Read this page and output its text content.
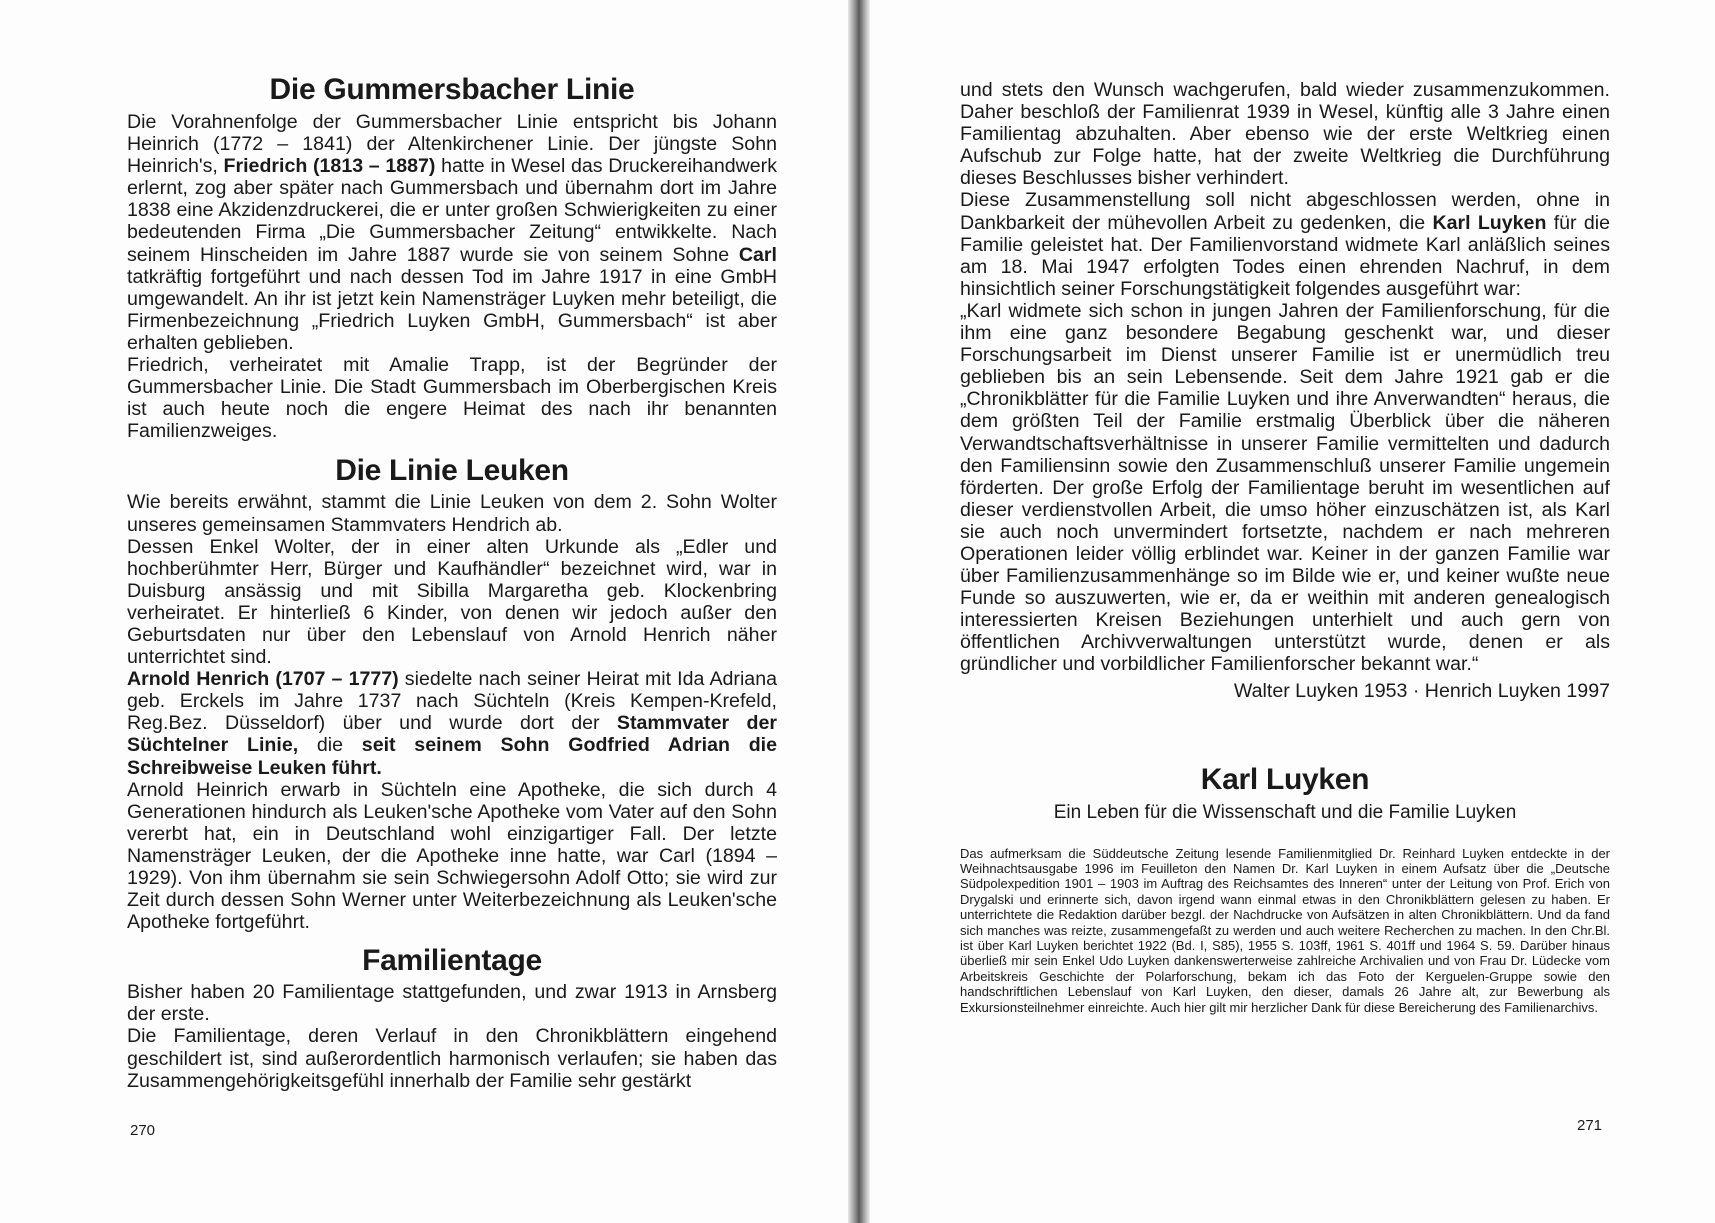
Die Gummersbacher Linie

Die Vorahnenfolge der Gummersbacher Linie entspricht bis Johann Heinrich (1772 – 1841) der Altenkirchener Linie. Der jüngste Sohn Heinrich's, Friedrich (1813 – 1887) hatte in Wesel das Druckereihandwerk erlernt, zog aber später nach Gummersbach und übernahm dort im Jahre 1838 eine Akzidenzdruckerei, die er unter großen Schwierigkeiten zu einer bedeutenden Firma „Die Gummersbacher Zeitung“ entwikkelte. Nach seinem Hinscheiden im Jahre 1887 wurde sie von seinem Sohne Carl tatkräftig fortgeführt und nach dessen Tod im Jahre 1917 in eine GmbH umgewandelt. An ihr ist jetzt kein Namensträger Luyken mehr beteiligt, die Firmenbezeichnung „Friedrich Luyken GmbH, Gummersbach“ ist aber erhalten geblieben.

Friedrich, verheiratet mit Amalie Trapp, ist der Begründer der Gummersbacher Linie. Die Stadt Gummersbach im Oberbergischen Kreis ist auch heute noch die engere Heimat des nach ihr benannten Familienzweiges.

Die Linie Leuken

Wie bereits erwähnt, stammt die Linie Leuken von dem 2. Sohn Wolter unseres gemeinsamen Stammvaters Hendrich ab.

Dessen Enkel Wolter, der in einer alten Urkunde als „Edler und hochberühmter Herr, Bürger und Kaufhändler“ bezeichnet wird, war in Duisburg ansässig und mit Sibilla Margaretha geb. Klockenbring verheiratet. Er hinterließ 6 Kinder, von denen wir jedoch außer den Geburtsdaten nur über den Lebenslauf von Arnold Henrich näher unterrichtet sind.

Arnold Henrich (1707 – 1777) siedelte nach seiner Heirat mit Ida Adriana geb. Erckels im Jahre 1737 nach Süchteln (Kreis Kempen-Krefeld, Reg.Bez. Düsseldorf) über und wurde dort der Stammvater der Süchtelner Linie, die seit seinem Sohn Godfried Adrian die Schreibweise Leuken führt.

Arnold Heinrich erwarb in Süchteln eine Apotheke, die sich durch 4 Generationen hindurch als Leuken'sche Apotheke vom Vater auf den Sohn vererbt hat, ein in Deutschland wohl einzigartiger Fall. Der letzte Namensträger Leuken, der die Apotheke inne hatte, war Carl (1894 – 1929). Von ihm übernahm sie sein Schwiegersohn Adolf Otto; sie wird zur Zeit durch dessen Sohn Werner unter Weiterbezeichnung als Leuken'sche Apotheke fortgeführt.

Familientage

Bisher haben 20 Familientage stattgefunden, und zwar 1913 in Arnsberg der erste.

Die Familientage, deren Verlauf in den Chronikblättern eingehend geschildert ist, sind außerordentlich harmonisch verlaufen; sie haben das Zusammengehörigkeitsgefühl innerhalb der Familie sehr gestärkt

270

und stets den Wunsch wachgerufen, bald wieder zusammenzukommen. Daher beschloß der Familienrat 1939 in Wesel, künftig alle 3 Jahre einen Familientag abzuhalten. Aber ebenso wie der erste Weltkrieg einen Aufschub zur Folge hatte, hat der zweite Weltkrieg die Durchführung dieses Beschlusses bisher verhindert.

Diese Zusammenstellung soll nicht abgeschlossen werden, ohne in Dankbarkeit der mühevollen Arbeit zu gedenken, die Karl Luyken für die Familie geleistet hat. Der Familienvorstand widmete Karl anläßlich seines am 18. Mai 1947 erfolgten Todes einen ehrenden Nachruf, in dem hinsichtlich seiner Forschungstätigkeit folgendes ausgeführt war:

„Karl widmete sich schon in jungen Jahren der Familienforschung, für die ihm eine ganz besondere Begabung geschenkt war, und dieser Forschungsarbeit im Dienst unserer Familie ist er unermüdlich treu geblieben bis an sein Lebensende. Seit dem Jahre 1921 gab er die „Chronikblätter für die Familie Luyken und ihre Anverwandten“ heraus, die dem größten Teil der Familie erstmalig Überblick über die näheren Verwandtschaftsverhältnisse in unserer Familie vermittelten und dadurch den Familiensinn sowie den Zusammenschluß unserer Familie ungemein förderten. Der große Erfolg der Familientage beruht im wesentlichen auf dieser verdienstvollen Arbeit, die umso höher einzuschätzen ist, als Karl sie auch noch unvermindert fortsetzte, nachdem er nach mehreren Operationen leider völlig erblindet war. Keiner in der ganzen Familie war über Familienzusammenhänge so im Bilde wie er, und keiner wußte neue Funde so auszuwerten, wie er, da er weithin mit anderen genealogisch interessierten Kreisen Beziehungen unterhielt und auch gern von öffentlichen Archivverwaltungen unterstützt wurde, denen er als gründlicher und vorbildlicher Familienforscher bekannt war.“

Walter Luyken 1953 · Henrich Luyken 1997

Karl Luyken

Ein Leben für die Wissenschaft und die Familie Luyken

Das aufmerksam die Süddeutsche Zeitung lesende Familienmitglied Dr. Reinhard Luyken entdeckte in der Weihnachtsausgabe 1996 im Feuilleton den Namen Dr. Karl Luyken in einem Aufsatz über die „Deutsche Südpolexpedition 1901 – 1903 im Auftrag des Reichsamtes des Inneren“ unter der Leitung von Prof. Erich von Drygalski und erinnerte sich, davon irgend wann einmal etwas in den Chronikblättern gelesen zu haben. Er unterrichtete die Redaktion darüber bezgl. der Nachdrucke von Aufsätzen in alten Chronikblättern. Und da fand sich manches was reizte, zusammengefaßt zu werden und auch weitere Recherchen zu machen. In den Chr.Bl. ist über Karl Luyken berichtet 1922 (Bd. I, S85), 1955 S. 103ff, 1961 S. 401ff und 1964 S. 59. Darüber hinaus überließ mir sein Enkel Udo Luyken dankenswerterweise zahlreiche Archivalien und von Frau Dr. Lüdecke vom Arbeitskreis Geschichte der Polarforschung, bekam ich das Foto der Kerguelen-Gruppe sowie den handschriftlichen Lebenslauf von Karl Luyken, den dieser, damals 26 Jahre alt, zur Bewerbung als Exkursionsteilnehmer einreichte. Auch hier gilt mir herzlicher Dank für diese Bereicherung des Familienarchivs.

271
